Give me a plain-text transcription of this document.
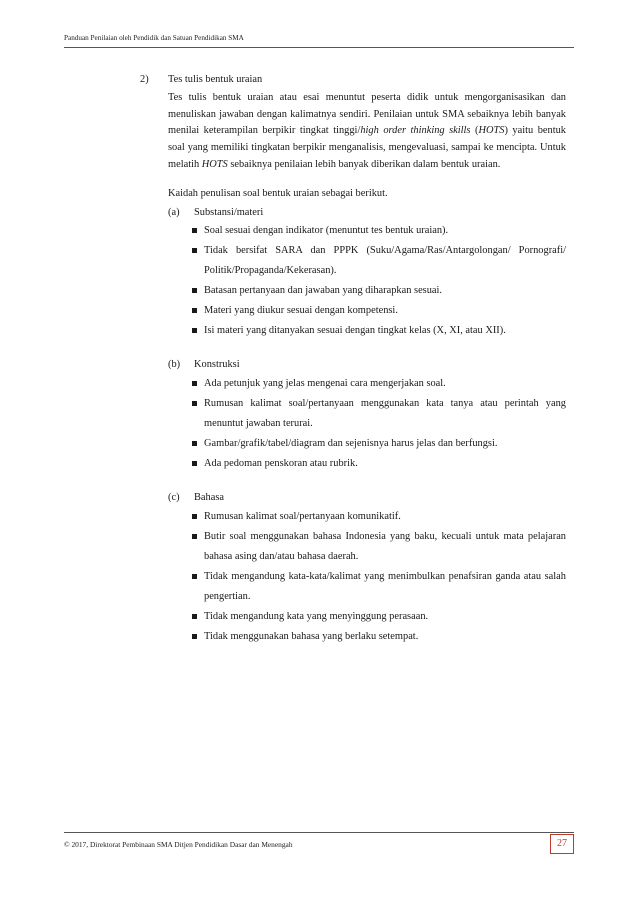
Panduan Penilaian oleh Pendidik dan Satuan Pendidikan SMA
2) Tes tulis bentuk uraian
Tes tulis bentuk uraian atau esai menuntut peserta didik untuk mengorganisasikan dan menuliskan jawaban dengan kalimatnya sendiri. Penilaian untuk SMA sebaiknya lebih banyak menilai keterampilan berpikir tingkat tinggi/high order thinking skills (HOTS) yaitu bentuk soal yang memiliki tingkatan berpikir menganalisis, mengevaluasi, sampai ke mencipta. Untuk melatih HOTS sebaiknya penilaian lebih banyak diberikan dalam bentuk uraian.
Kaidah penulisan soal bentuk uraian sebagai berikut.
(a) Substansi/materi
Soal sesuai dengan indikator (menuntut tes bentuk uraian).
Tidak bersifat SARA dan PPPK (Suku/Agama/Ras/Antargolongan/ Pornografi/ Politik/Propaganda/Kekerasan).
Batasan pertanyaan dan jawaban yang diharapkan sesuai.
Materi yang diukur sesuai dengan kompetensi.
Isi materi yang ditanyakan sesuai dengan tingkat kelas (X, XI, atau XII).
(b) Konstruksi
Ada petunjuk yang jelas mengenai cara mengerjakan soal.
Rumusan kalimat soal/pertanyaan menggunakan kata tanya atau perintah yang menuntut jawaban terurai.
Gambar/grafik/tabel/diagram dan sejenisnya harus jelas dan berfungsi.
Ada pedoman penskoran atau rubrik.
(c) Bahasa
Rumusan kalimat soal/pertanyaan komunikatif.
Butir soal menggunakan bahasa Indonesia yang baku, kecuali untuk mata pelajaran bahasa asing dan/atau bahasa daerah.
Tidak mengandung kata-kata/kalimat yang menimbulkan penafsiran ganda atau salah pengertian.
Tidak mengandung kata yang menyinggung perasaan.
Tidak menggunakan bahasa yang berlaku setempat.
© 2017, Direktorat Pembinaan SMA Ditjen Pendidikan Dasar dan Menengah	27
